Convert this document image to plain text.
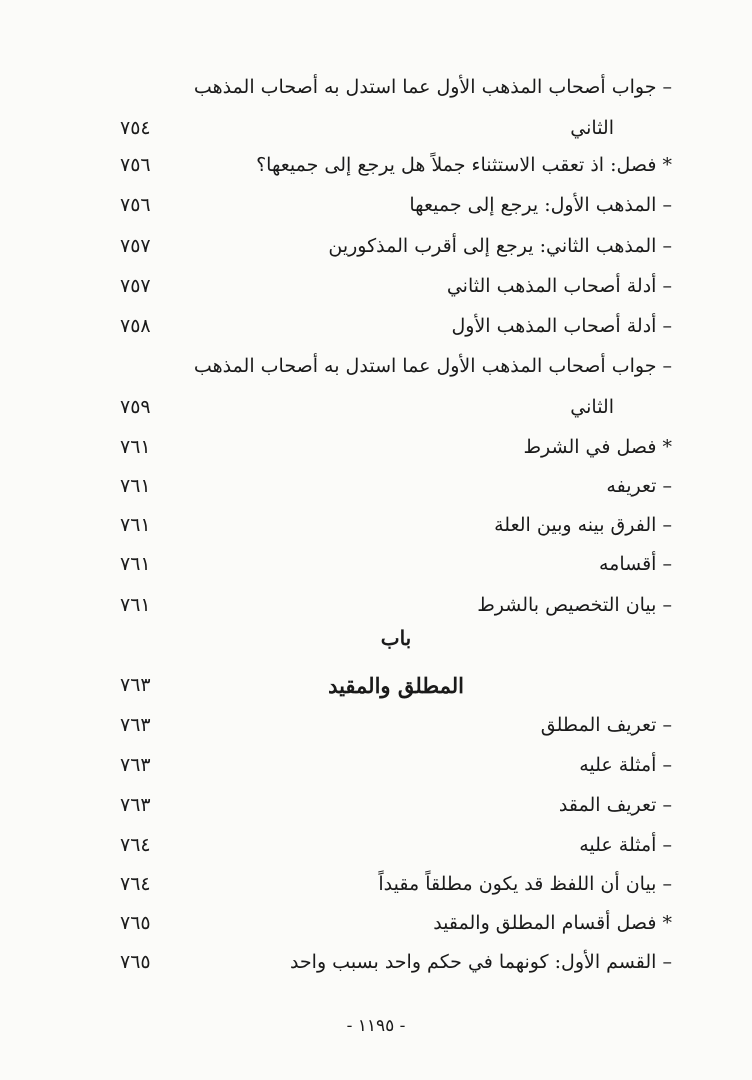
– جواب أصحاب المذهب الأول عما استدل به أصحاب المذهب
الثاني
٧٥٤
* فصل: اذ تعقب الاستثناء جملاً هل يرجع إلى جميعها؟
٧٥٦
– المذهب الأول: يرجع إلى جميعها
٧٥٦
– المذهب الثاني: يرجع إلى أقرب المذكورين
٧٥٧
– أدلة أصحاب المذهب الثاني
٧٥٧
– أدلة أصحاب المذهب الأول
٧٥٨
– جواب أصحاب المذهب الأول عما استدل به أصحاب المذهب
الثاني
٧٥٩
* فصل في الشرط
٧٦١
– تعريفه
٧٦١
– الفرق بينه وبين العلة
٧٦١
– أقسامه
٧٦١
– بيان التخصيص بالشرط
٧٦١
باب
٧٦٣	المطلق والمقيد
– تعريف المطلق
٧٦٣
– أمثلة عليه
٧٦٣
– تعريف المقد
٧٦٣
– أمثلة عليه
٧٦٤
– بيان أن اللفظ قد يكون مطلقاً مقيداً
٧٦٤
* فصل أقسام المطلق والمقيد
٧٦٥
– القسم الأول: كونهما في حكم واحد بسبب واحد
٧٦٥
- ١١٩٥ -
